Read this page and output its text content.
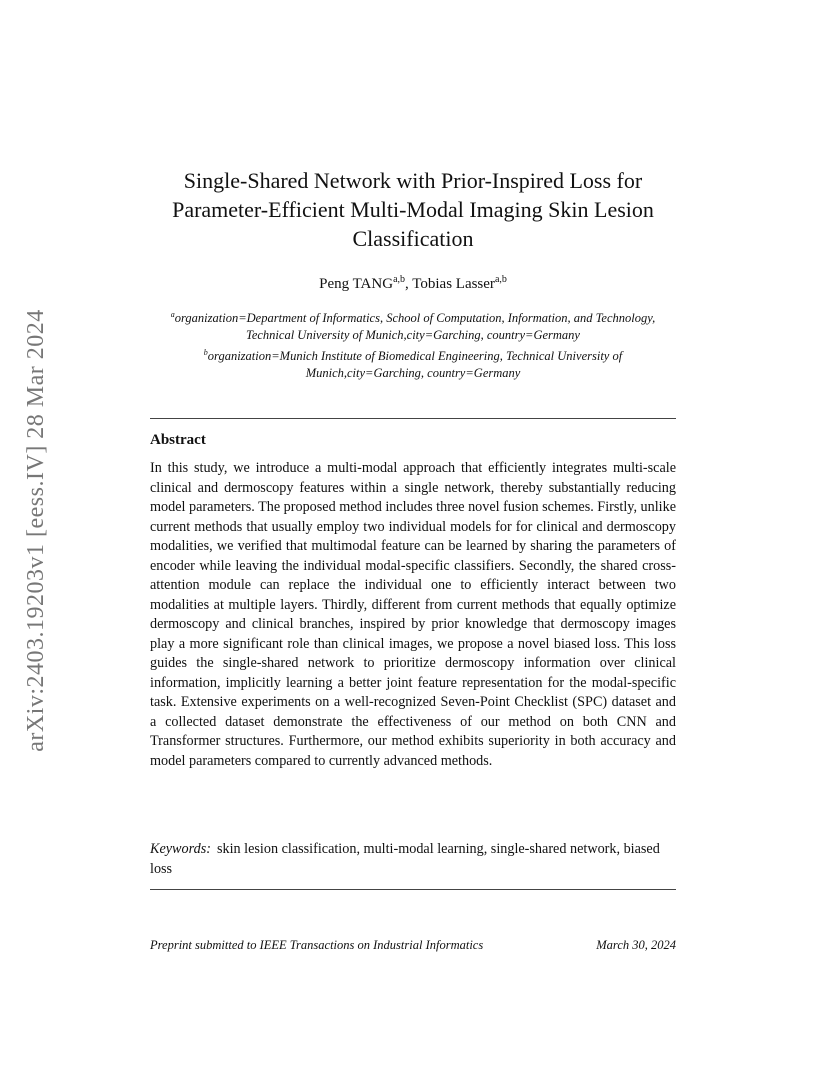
arXiv:2403.19203v1 [eess.IV] 28 Mar 2024
Single-Shared Network with Prior-Inspired Loss for Parameter-Efficient Multi-Modal Imaging Skin Lesion Classification
Peng TANG$^{a,b}$, Tobias Lasser$^{a,b}$

$^a$organization=Department of Informatics, School of Computation, Information, and Technology, Technical University of Munich,city=Garching, country=Germany

$^b$organization=Munich Institute of Biomedical Engineering, Technical University of Munich,city=Garching, country=Germany

Abstract

In this study, we introduce a multi-modal approach that efficiently integrates multi-scale clinical and dermoscopy features within a single network, thereby substantially reducing model parameters. The proposed method includes three novel fusion schemes. Firstly, unlike current methods that usually employ two individual models for for clinical and dermoscopy modalities, we verified that multimodal feature can be learned by sharing the parameters of encoder while leaving the individual modal-specific classifiers. Secondly, the shared cross-attention module can replace the individual one to efficiently interact between two modalities at multiple layers. Thirdly, different from current methods that equally optimize dermoscopy and clinical branches, inspired by prior knowledge that dermoscopy images play a more significant role than clinical images, we propose a novel biased loss. This loss guides the single-shared network to prioritize dermoscopy information over clinical information, implicitly learning a better joint feature representation for the modal-specific task. Extensive experiments on a well-recognized Seven-Point Checklist (SPC) dataset and a collected dataset demonstrate the effectiveness of our method on both CNN and Transformer structures. Furthermore, our method exhibits superiority in both accuracy and model parameters compared to currently advanced methods.

Keywords: skin lesion classification, multi-modal learning, single-shared network, biased loss

Preprint submitted to IEEE Transactions on Industrial Informatics	March 30, 2024
